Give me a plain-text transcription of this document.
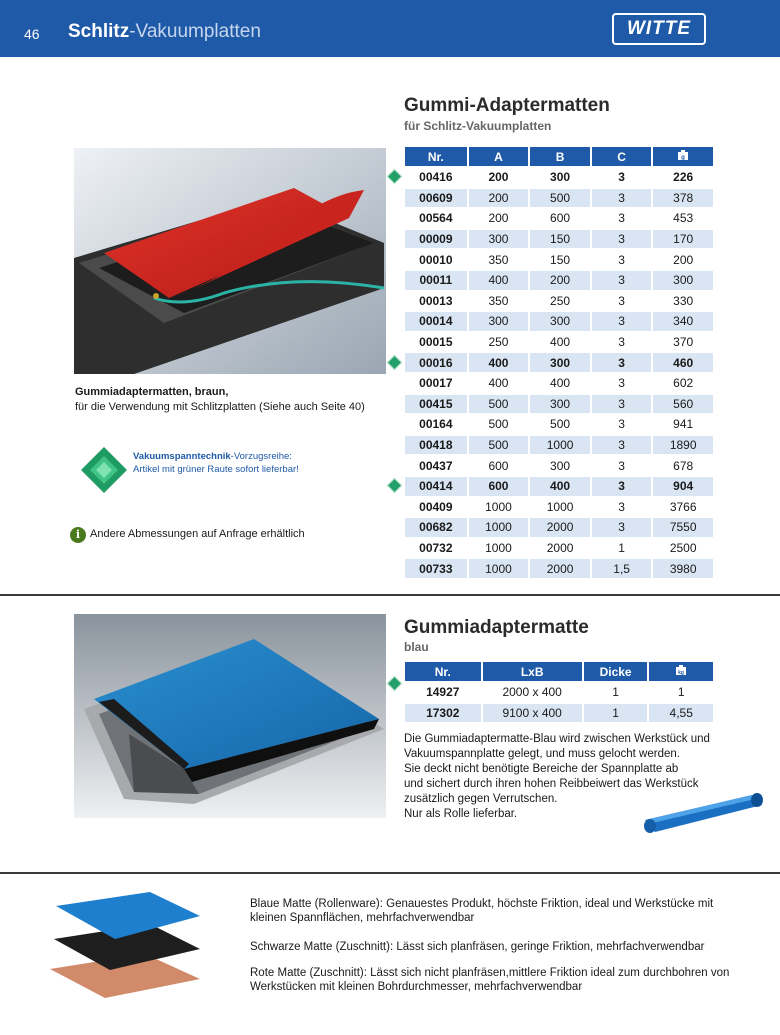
46 Schlitz-Vakuumplatten	WITTE
Gummi-Adaptermatten
für Schlitz-Vakuumplatten
Nr.	A	B	C	g

00416	200	300	3	226
00609	200	500	3	378
00564	200	600	3	453
00009	300	150	3	170
00010	350	150	3	200
00011	400	200	3	300
00013	350	250	3	330
00014	300	300	3	340
00015	250	400	3	370
00016	400	300	3	460
00017	400	400	3	602
00415	500	300	3	560
00164	500	500	3	941
00418	500	1000	3	1890
00437	600	300	3	678
00414	600	400	3	904
00409	1000	1000	3	3766
00682	1000	2000	3	7550
00732	1000	2000	1	2500
00733	1000	2000	1,5	3980
Gummiadaptermatten, braun,
für die Verwendung mit Schlitzplatten (Siehe auch Seite 40)
Vakuumspanntechnik-Vorzugsreihe:
Artikel mit grüner Raute sofort lieferbar!
i Andere Abmessungen auf Anfrage erhältlich
Gummiadaptermatte
blau
Nr.	LxB	Dicke	kg

14927	2000 x 400	1	1
17302	9100 x 400	1	4,55
Die Gummiadaptermatte-Blau wird zwischen Werkstück und
Vakuumspannplatte gelegt, und muss gelocht werden.
Sie deckt nicht benötigte Bereiche der Spannplatte ab
und sichert durch ihren hohen Reibbeiwert das Werkstück
zusätzlich gegen Verrutschen.
Nur als Rolle lieferbar.
Blaue Matte (Rollenware): Genauestes Produkt, höchste Friktion, ideal und Werkstücke mit kleinen Spannflächen, mehrfachverwendbar
Schwarze Matte (Zuschnitt): Lässt sich planfräsen, geringe Friktion, mehrfachverwendbar
Rote Matte (Zuschnitt): Lässt sich nicht planfräsen,mittlere Friktion ideal zum durchbohren von Werkstücken mit kleinen Bohrdurchmesser, mehrfachverwendbar
